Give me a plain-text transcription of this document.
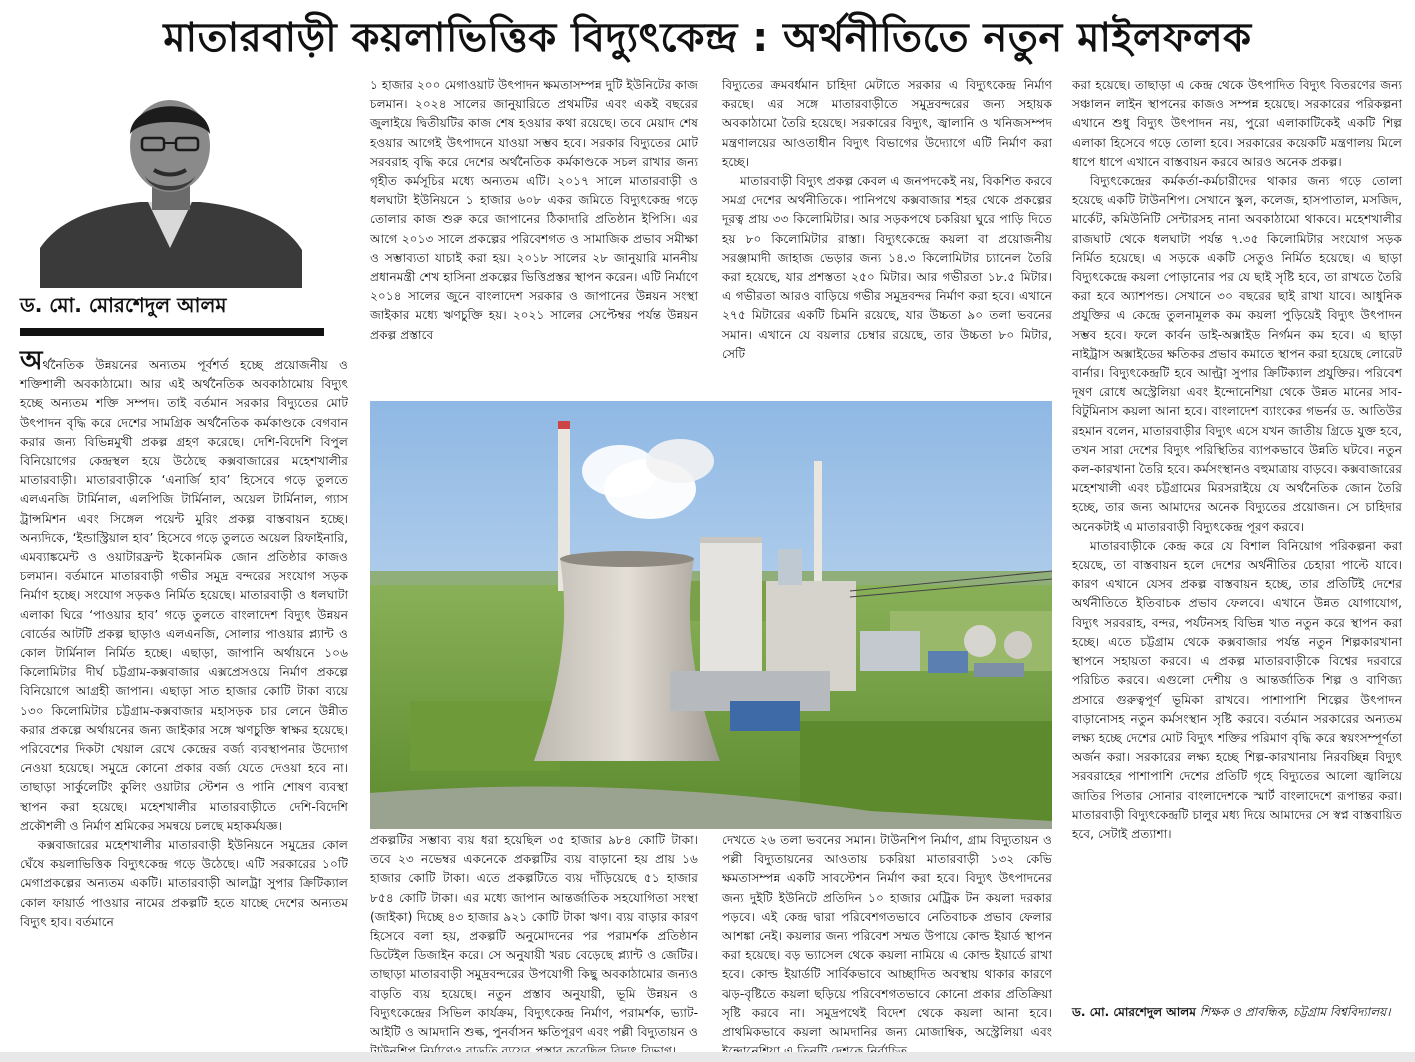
মাতারবাড়ী কয়লাভিত্তিক বিদ্যুৎকেন্দ্র : অর্থনীতিতে নতুন মাইলফলক
ড. মো. মোরশেদুল আলম

অর্থনৈতিক উন্নয়নের অন্যতম পূর্বশর্ত হচ্ছে প্রয়োজনীয় ও শক্তিশালী অবকাঠামো। আর এই অর্থনৈতিক অবকাঠামোয় বিদ্যুৎ হচ্ছে অন্যতম শক্তি সম্পদ। তাই বর্তমান সরকার বিদ্যুতের মোট উৎপাদন বৃদ্ধি করে দেশের সামগ্রিক অর্থনৈতিক কর্মকাণ্ডকে বেগবান করার জন্য বিভিন্নমুখী প্রকল্প গ্রহণ করেছে। দেশি-বিদেশি বিপুল বিনিয়োগের কেন্দ্রস্থল হয়ে উঠেছে কক্সবাজারের মহেশখালীর মাতারবাড়ী। মাতারবাড়ীকে ‘এনার্জি হাব’ হিসেবে গড়ে তুলতে এলএনজি টার্মিনাল, এলপিজি টার্মিনাল, অয়েল টার্মিনাল, গ্যাস ট্রান্সমিশন এবং সিঙ্গেল পয়েন্ট মুরিং প্রকল্প বাস্তবায়ন হচ্ছে। অন্যদিকে, ‘ইন্ডাস্ট্রিয়াল হাব’ হিসেবে গড়ে তুলতে অয়েল রিফাইনারি, এমব্যাঙ্কমেন্ট ও ওয়াটারফ্রন্ট ইকোনমিক জোন প্রতিষ্ঠার কাজও চলমান। বর্তমানে মাতারবাড়ী গভীর সমুদ্র বন্দরের সংযোগ সড়ক নির্মাণ হচ্ছে। সংযোগ সড়কও নির্মিত হয়েছে। মাতারবাড়ী ও ধলঘাটা এলাকা ঘিরে ‘পাওয়ার হাব’ গড়ে তুলতে বাংলাদেশ বিদ্যুৎ উন্নয়ন বোর্ডের আটটি প্রকল্প ছাড়াও এলএনজি, সোলার পাওয়ার প্ল্যান্ট ও কোল টার্মিনাল নির্মিত হচ্ছে। এছাড়া, জাপানি অর্থায়নে ১০৬ কিলোমিটার দীর্ঘ চট্টগ্রাম-কক্সবাজার এক্সপ্রেসওয়ে নির্মাণ প্রকল্পে বিনিয়োগে আগ্রহী জাপান। এছাড়া সাত হাজার কোটি টাকা ব্যয়ে ১৩০ কিলোমিটার চট্টগ্রাম-কক্সবাজার মহাসড়ক চার লেনে উন্নীত করার প্রকল্পে অর্থায়নের জন্য জাইকার সঙ্গে ঋণচুক্তি স্বাক্ষর হয়েছে। পরিবেশের দিকটা খেয়াল রেখে কেন্দ্রের বর্জ্য ব্যবস্থাপনার উদ্যোগ নেওয়া হয়েছে। সমুদ্রে কোনো প্রকার বর্জ্য যেতে দেওয়া হবে না। তাছাড়া সার্কুলেটিং কুলিং ওয়াটার স্টেশন ও পানি শোষণ ব্যবস্থা স্থাপন করা হয়েছে। মহেশখালীর মাতারবাড়ীতে দেশি-বিদেশি প্রকৌশলী ও নির্মাণ শ্রমিকের সমন্বয়ে চলছে মহাকর্মযজ্ঞ।

কক্সবাজারের মহেশখালীর মাতারবাড়ী ইউনিয়নে সমুদ্রের কোল ঘেঁষে কয়লাভিত্তিক বিদ্যুৎকেন্দ্র গড়ে উঠেছে। এটি সরকারের ১০টি মেগাপ্রকল্পের অন্যতম একটি। মাতারবাড়ী আলট্রা সুপার ক্রিটিক্যাল কোল ফায়ার্ড পাওয়ার নামের প্রকল্পটি হতে যাচ্ছে দেশের অন্যতম বিদ্যুৎ হাব। বর্তমানে

১ হাজার ২০০ মেগাওয়াট উৎপাদন ক্ষমতাসম্পন্ন দুটি ইউনিটের কাজ চলমান। ২০২৪ সালের জানুয়ারিতে প্রথমটির এবং একই বছরের জুলাইয়ে দ্বিতীয়টির কাজ শেষ হওয়ার কথা রয়েছে। তবে মেয়াদ শেষ হওয়ার আগেই উৎপাদনে যাওয়া সম্ভব হবে। সরকার বিদ্যুতের মোট সরবরাহ বৃদ্ধি করে দেশের অর্থনৈতিক কর্মকাণ্ডকে সচল রাখার জন্য গৃহীত কর্মসূচির মধ্যে অন্যতম এটি। ২০১৭ সালে মাতারবাড়ী ও ধলঘাটা ইউনিয়নে ১ হাজার ৬০৮ একর জমিতে বিদ্যুৎকেন্দ্র গড়ে তোলার কাজ শুরু করে জাপানের ঠিকাদারি প্রতিষ্ঠান ইপিসি। এর আগে ২০১৩ সালে প্রকল্পের পরিবেশগত ও সামাজিক প্রভাব সমীক্ষা ও সম্ভাব্যতা যাচাই করা হয়। ২০১৮ সালের ২৮ জানুয়ারি মাননীয় প্রধানমন্ত্রী শেখ হাসিনা প্রকল্পের ভিত্তিপ্রস্তর স্থাপন করেন। এটি নির্মাণে ২০১৪ সালের জুনে বাংলাদেশ সরকার ও জাপানের উন্নয়ন সংস্থা জাইকার মধ্যে ঋণচুক্তি হয়। ২০২১ সালের সেপ্টেম্বর পর্যন্ত উন্নয়ন প্রকল্প প্রস্তাবে

বিদ্যুতের ক্রমবর্ধমান চাহিদা মেটাতে সরকার এ বিদ্যুৎকেন্দ্র নির্মাণ করছে। এর সঙ্গে মাতারবাড়ীতে সমুদ্রবন্দরের জন্য সহায়ক অবকাঠামো তৈরি হয়েছে। সরকারের বিদ্যুৎ, জ্বালানি ও খনিজসম্পদ মন্ত্রণালয়ের আওতাধীন বিদ্যুৎ বিভাগের উদ্যোগে এটি নির্মাণ করা হচ্ছে।

মাতারবাড়ী বিদ্যুৎ প্রকল্প কেবল এ জনপদকেই নয়, বিকশিত করবে সমগ্র দেশের অর্থনীতিকে। পানিপথে কক্সবাজার শহর থেকে প্রকল্পের দূরত্ব প্রায় ৩৩ কিলোমিটার। আর সড়কপথে চকরিয়া ঘুরে পাড়ি দিতে হয় ৮০ কিলোমিটার রাস্তা। বিদ্যুৎকেন্দ্রে কয়লা বা প্রয়োজনীয় সরঞ্জামাদী জাহাজ ভেড়ার জন্য ১৪.৩ কিলোমিটার চ্যানেল তৈরি করা হয়েছে, যার প্রশস্ততা ২৫০ মিটার। আর গভীরতা ১৮.৫ মিটার। এ গভীরতা আরও বাড়িয়ে গভীর সমুদ্রবন্দর নির্মাণ করা হবে। এখানে ২৭৫ মিটারের একটি চিমনি রয়েছে, যার উচ্চতা ৯০ তলা ভবনের সমান। এখানে যে বয়লার চেম্বার রয়েছে, তার উচ্চতা ৮০ মিটার, সেটি

প্রকল্পটির সম্ভাব্য ব্যয় ধরা হয়েছিল ৩৫ হাজার ৯৮৪ কোটি টাকা। তবে ২৩ নভেম্বর একনেকে প্রকল্পটির ব্যয় বাড়ানো হয় প্রায় ১৬ হাজার কোটি টাকা। এতে প্রকল্পটিতে ব্যয় দাঁড়িয়েছে ৫১ হাজার ৮৫৪ কোটি টাকা। এর মধ্যে জাপান আন্তর্জাতিক সহযোগিতা সংস্থা (জাইকা) দিচ্ছে ৪৩ হাজার ৯২১ কোটি টাকা ঋণ। ব্যয় বাড়ার কারণ হিসেবে বলা হয়, প্রকল্পটি অনুমোদনের পর পরামর্শক প্রতিষ্ঠান ডিটেইল ডিজাইন করে। সে অনুযায়ী খরচ বেড়েছে প্ল্যান্ট ও জেটির। তাছাড়া মাতারবাড়ী সমুদ্রবন্দরের উপযোগী কিছু অবকাঠামোর জন্যও বাড়তি ব্যয় হয়েছে। নতুন প্রস্তাব অনুযায়ী, ভূমি উন্নয়ন ও বিদ্যুৎকেন্দ্রের সিভিল কার্যক্রম, বিদ্যুৎকেন্দ্র নির্মাণ, পরামর্শক, ভ্যাট-আইটি ও আমদানি শুল্ক, পুনর্বাসন ক্ষতিপূরণ এবং পল্লী বিদ্যুতায়ন ও

দেখতে ২৬ তলা ভবনের সমান। টাউনশিপ নির্মাণ, গ্রাম বিদ্যুতায়ন ও পল্লী বিদ্যুতায়নের আওতায় চকরিয়া মাতারবাড়ী ১৩২ কেভি ক্ষমতাসম্পন্ন একটি সাবস্টেশন নির্মাণ করা হবে। বিদ্যুৎ উৎপাদনের জন্য দুইটি ইউনিটে প্রতিদিন ১০ হাজার মেট্রিক টন কয়লা দরকার পড়বে। এই কেন্দ্র দ্বারা পরিবেশগতভাবে নেতিবাচক প্রভাব ফেলার আশঙ্কা নেই। কয়লার জন্য পরিবেশ সম্মত উপায়ে কোল্ড ইয়ার্ড স্থাপন করা হয়েছে। বড় ভ্যাসেল থেকে কয়লা নামিয়ে এ কোল্ড ইয়ার্ডে রাখা হবে। কোল্ড ইয়ার্ডটি সার্বিকভাবে আচ্ছাদিত অবস্থায় থাকার কারণে ঝড়-বৃষ্টিতে কয়লা ছড়িয়ে পরিবেশগতভাবে কোনো প্রকার প্রতিক্রিয়া সৃষ্টি করবে না। সমুদ্রপথেই বিদেশ থেকে কয়লা আনা হবে। প্রাথমিকভাবে কয়লা আমদানির জন্য মোজাম্বিক, অস্ট্রেলিয়া এবং

করা হয়েছে। তাছাড়া এ কেন্দ্র থেকে উৎপাদিত বিদ্যুৎ বিতরণের জন্য সঞ্চালন লাইন স্থাপনের কাজও সম্পন্ন হয়েছে। সরকারের পরিকল্পনা এখানে শুধু বিদ্যুৎ উৎপাদন নয়, পুরো এলাকাটিকেই একটি শিল্প এলাকা হিসেবে গড়ে তোলা হবে। সরকারের কয়েকটি মন্ত্রণালয় মিলে ধাপে ধাপে এখানে বাস্তবায়ন করবে আরও অনেক প্রকল্প।

বিদ্যুৎকেন্দ্রের কর্মকর্তা-কর্মচারীদের থাকার জন্য গড়ে তোলা হয়েছে একটি টাউনশিপ। সেখানে স্কুল, কলেজ, হাসপাতাল, মসজিদ, মার্কেট, কমিউনিটি সেন্টারসহ নানা অবকাঠামো থাকবে। মহেশখালীর রাজঘাট থেকে ধলঘাটা পর্যন্ত ৭.৩৫ কিলোমিটার সংযোগ সড়ক নির্মিত হয়েছে। এ সড়কে একটি সেতুও নির্মিত হয়েছে। এ ছাড়া বিদ্যুৎকেন্দ্রে কয়লা পোড়ানোর পর যে ছাই সৃষ্টি হবে, তা রাখতে তৈরি করা হবে অ্যাশপন্ড। সেখানে ৩০ বছরের ছাই রাখা যাবে। আধুনিক প্রযুক্তির এ কেন্দ্রে তুলনামূলক কম কয়লা পুড়িয়েই বিদ্যুৎ উৎপাদন সম্ভব হবে। ফলে কার্বন ডাই-অক্সাইড নির্গমন কম হবে। এ ছাড়া নাইট্রাস অক্সাইডের ক্ষতিকর প্রভাব কমাতে স্থাপন করা হয়েছে লোরেট বার্নার। বিদ্যুৎকেন্দ্রটি হবে আল্ট্রা সুপার ক্রিটিক্যাল প্রযুক্তির। পরিবেশ দূষণ রোধে অস্ট্রেলিয়া এবং ইন্দোনেশিয়া থেকে উন্নত মানের সাব-বিটুমিনাস কয়লা আনা হবে। বাংলাদেশ ব্যাংকের গভর্নর ড. আতিউর রহমান বলেন, মাতারবাড়ীর বিদ্যুৎ এসে যখন জাতীয় গ্রিডে যুক্ত হবে, তখন সারা দেশের বিদ্যুৎ পরিস্থিতির ব্যাপকভাবে উন্নতি ঘটবে। নতুন কল-কারখানা তৈরি হবে। কর্মসংস্থানও বহুমাত্রায় বাড়বে। কক্সবাজারের মহেশখালী এবং চট্টগ্রামের মিরসরাইয়ে যে অর্থনৈতিক জোন তৈরি হচ্ছে, তার জন্য আমাদের অনেক বিদ্যুতের প্রয়োজন। সে চাহিদার অনেকটাই এ মাতারবাড়ী বিদ্যুৎকেন্দ্র পূরণ করবে।

মাতারবাড়ীকে কেন্দ্র করে যে বিশাল বিনিয়োগ পরিকল্পনা করা হয়েছে, তা বাস্তবায়ন হলে দেশের অর্থনীতির চেহারা পাল্টে যাবে। কারণ এখানে যেসব প্রকল্প বাস্তবায়ন হচ্ছে, তার প্রতিটিই দেশের অর্থনীতিতে ইতিবাচক প্রভাব ফেলবে। এখানে উন্নত যোগাযোগ, বিদ্যুৎ সরবরাহ, বন্দর, পর্যটনসহ বিভিন্ন খাত নতুন করে স্থাপন করা হচ্ছে। এতে চট্টগ্রাম থেকে কক্সবাজার পর্যন্ত নতুন শিল্পকারখানা স্থাপনে সহায়তা করবে। এ প্রকল্প মাতারবাড়ীকে বিশ্বের দরবারে পরিচিত করবে। এগুলো দেশীয় ও আন্তর্জাতিক শিল্প ও বাণিজ্য প্রসারে গুরুত্বপূর্ণ ভূমিকা রাখবে। পাশাপাশি শিল্পের উৎপাদন বাড়ানোসহ নতুন কর্মসংস্থান সৃষ্টি করবে। বর্তমান সরকারের অন্যতম লক্ষ্য হচ্ছে দেশের মোট বিদ্যুৎ শক্তির পরিমাণ বৃদ্ধি করে স্বয়ংসম্পূর্ণতা অর্জন করা। সরকারের লক্ষ্য হচ্ছে শিল্প-কারখানায় নিরবচ্ছিন্ন বিদ্যুৎ সরবরাহের পাশাপাশি দেশের প্রতিটি গৃহে বিদ্যুতের আলো জ্বালিয়ে জাতির পিতার সোনার বাংলাদেশকে স্মার্ট বাংলাদেশে রূপান্তর করা। মাতারবাড়ী বিদ্যুৎকেন্দ্রটি চালুর মধ্য দিয়ে আমাদের সে স্বপ্ন বাস্তবায়িত হবে, সেটাই প্রত্যাশা।

ড. মো. মোরশেদুল আলম শিক্ষক ও প্রাবন্ধিক, চট্টগ্রাম বিশ্ববিদ্যালয়।
